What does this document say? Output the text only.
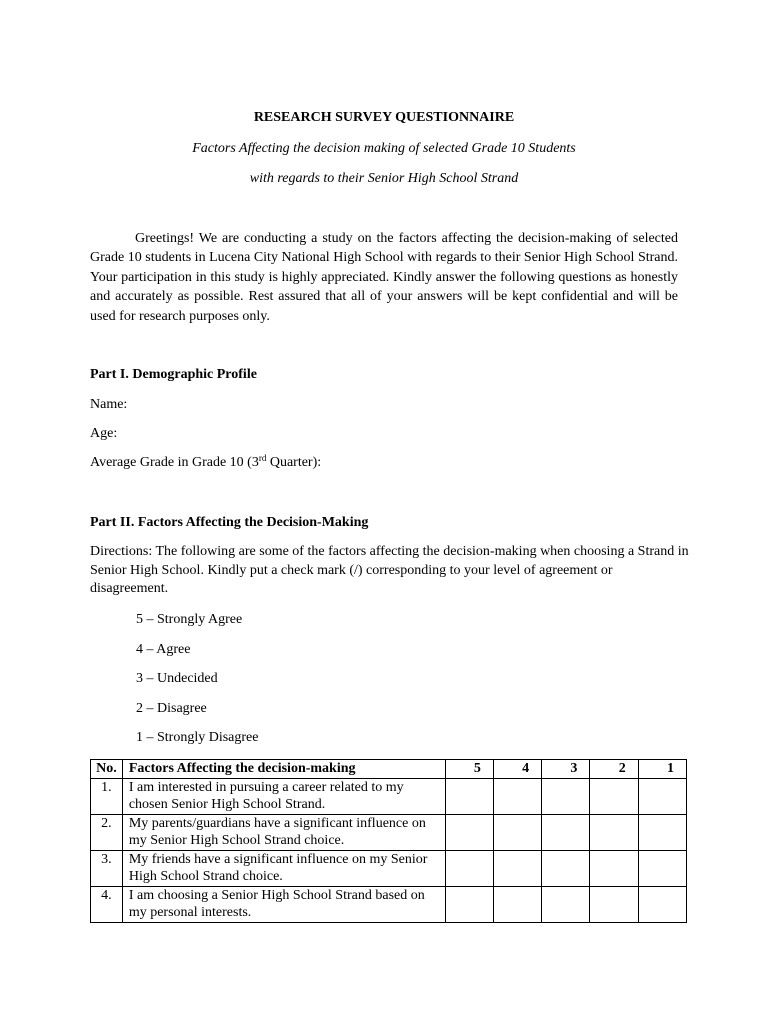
RESEARCH SURVEY QUESTIONNAIRE
Factors Affecting the decision making of selected Grade 10 Students
with regards to their Senior High School Strand

Greetings! We are conducting a study on the factors affecting the decision-making of selected Grade 10 students in Lucena City National High School with regards to their Senior High School Strand. Your participation in this study is highly appreciated. Kindly answer the following questions as honestly and accurately as possible. Rest assured that all of your answers will be kept confidential and will be used for research purposes only.

Part I. Demographic Profile
Name:
Age:
Average Grade in Grade 10 (3rd Quarter):
Part II. Factors Affecting the Decision-Making
Directions: The following are some of the factors affecting the decision-making when choosing a Strand in Senior High School. Kindly put a check mark (/) corresponding to your level of agreement or disagreement.
5 – Strongly Agree
4 – Agree
3 – Undecided
2 – Disagree
1 – Strongly Disagree
No.	Factors Affecting the decision-making	5	4	3	2	1
1.	I am interested in pursuing a career related to my chosen Senior High School Strand.					
2.	My parents/guardians have a significant influence on my Senior High School Strand choice.					
3.	My friends have a significant influence on my Senior High School Strand choice.					
4.	I am choosing a Senior High School Strand based on my personal interests.					
